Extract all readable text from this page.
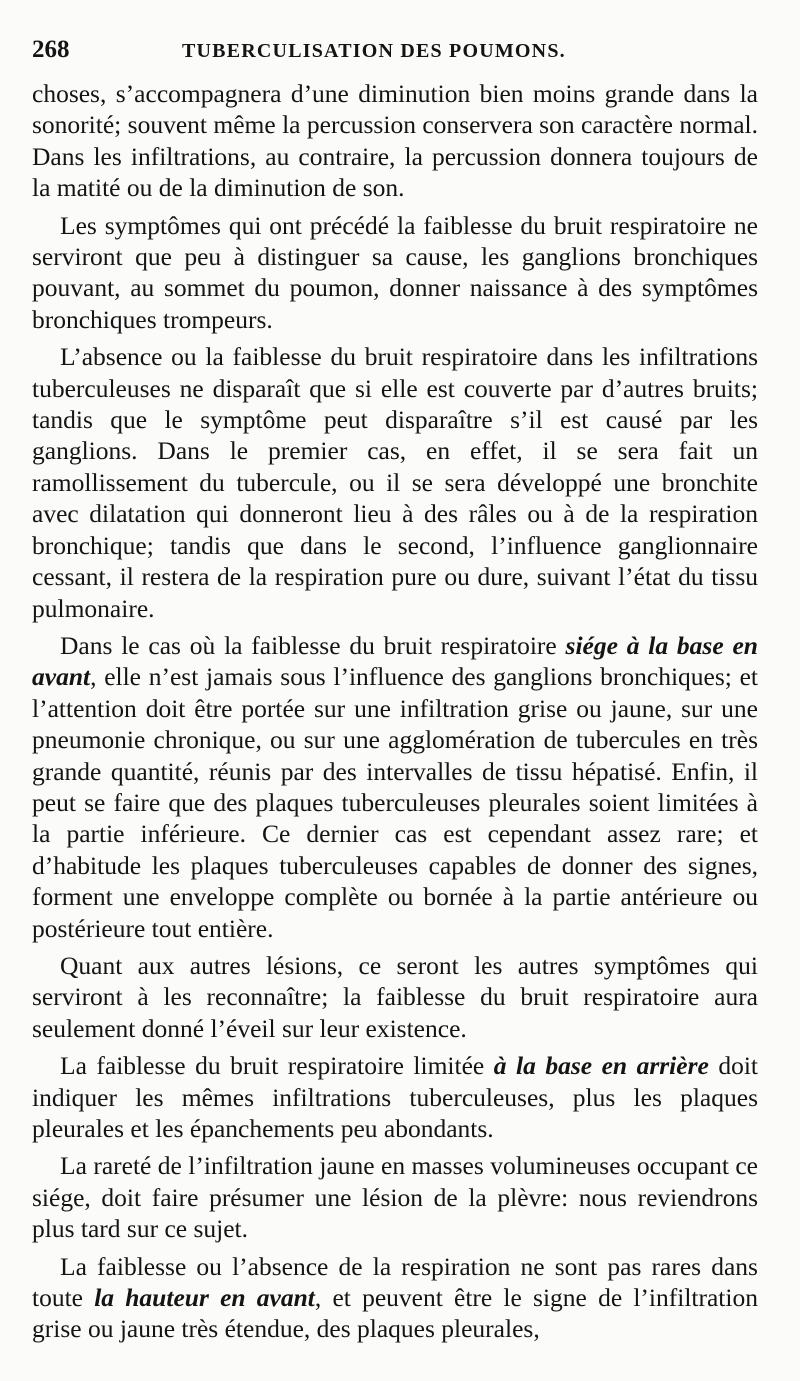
268	TUBERCULISATION DES POUMONS.

choses, s’accompagnera d’une diminution bien moins grande dans la sonorité; souvent même la percussion conservera son caractère normal. Dans les infiltrations, au contraire, la percussion donnera toujours de la matité ou de la diminution de son.

Les symptômes qui ont précédé la faiblesse du bruit respiratoire ne serviront que peu à distinguer sa cause, les ganglions bronchiques pouvant, au sommet du poumon, donner naissance à des symptômes bronchiques trompeurs.

L’absence ou la faiblesse du bruit respiratoire dans les infiltrations tuberculeuses ne disparaît que si elle est couverte par d’autres bruits; tandis que le symptôme peut disparaître s’il est causé par les ganglions. Dans le premier cas, en effet, il se sera fait un ramollissement du tubercule, ou il se sera développé une bronchite avec dilatation qui donneront lieu à des râles ou à de la respiration bronchique; tandis que dans le second, l’influence ganglionnaire cessant, il restera de la respiration pure ou dure, suivant l’état du tissu pulmonaire.

Dans le cas où la faiblesse du bruit respiratoire siége à la base en avant, elle n’est jamais sous l’influence des ganglions bronchiques; et l’attention doit être portée sur une infiltration grise ou jaune, sur une pneumonie chronique, ou sur une agglomération de tubercules en très grande quantité, réunis par des intervalles de tissu hépatisé. Enfin, il peut se faire que des plaques tuberculeuses pleurales soient limitées à la partie inférieure. Ce dernier cas est cependant assez rare; et d’habitude les plaques tuberculeuses capables de donner des signes, forment une enveloppe complète ou bornée à la partie antérieure ou postérieure tout entière.

Quant aux autres lésions, ce seront les autres symptômes qui serviront à les reconnaître; la faiblesse du bruit respiratoire aura seulement donné l’éveil sur leur existence.

La faiblesse du bruit respiratoire limitée à la base en arrière doit indiquer les mêmes infiltrations tuberculeuses, plus les plaques pleurales et les épanchements peu abondants.

La rareté de l’infiltration jaune en masses volumineuses occupant ce siége, doit faire présumer une lésion de la plèvre: nous reviendrons plus tard sur ce sujet.

La faiblesse ou l’absence de la respiration ne sont pas rares dans toute la hauteur en avant, et peuvent être le signe de l’infiltration grise ou jaune très étendue, des plaques pleurales,
